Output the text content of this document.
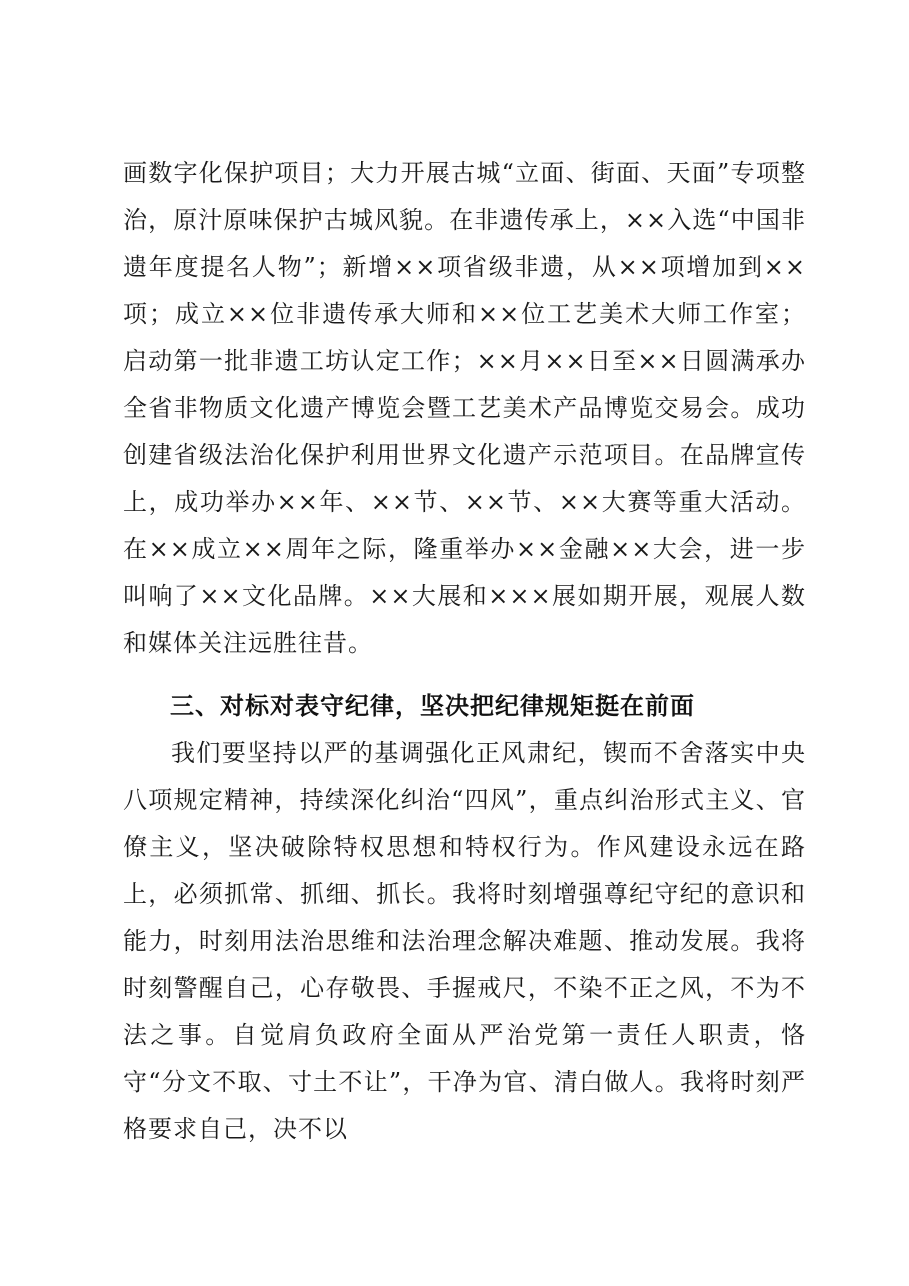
画数字化保护项目；大力开展古城“立面、街面、天面”专项整治，原汁原味保护古城风貌。在非遗传承上，××入选“中国非遗年度提名人物”；新增××项省级非遗，从××项增加到××项；成立××位非遗传承大师和××位工艺美术大师工作室；启动第一批非遗工坊认定工作；××月××日至××日圆满承办全省非物质文化遗产博览会暨工艺美术产品博览交易会。成功创建省级法治化保护利用世界文化遗产示范项目。在品牌宣传上，成功举办××年、××节、××节、××大赛等重大活动。在××成立××周年之际，隆重举办××金融××大会，进一步叫响了××文化品牌。××大展和×××展如期开展，观展人数和媒体关注远胜往昔。

三、对标对表守纪律，坚决把纪律规矩挺在前面

我们要坚持以严的基调强化正风肃纪，锲而不舍落实中央八项规定精神，持续深化纠治“四风”，重点纠治形式主义、官僚主义，坚决破除特权思想和特权行为。作风建设永远在路上，必须抓常、抓细、抓长。我将时刻增强尊纪守纪的意识和能力，时刻用法治思维和法治理念解决难题、推动发展。我将时刻警醒自己，心存敬畏、手握戒尺，不染不正之风，不为不法之事。自觉肩负政府全面从严治党第一责任人职责，恪守“分文不取、寸土不让”，干净为官、清白做人。我将时刻严格要求自己，决不以
